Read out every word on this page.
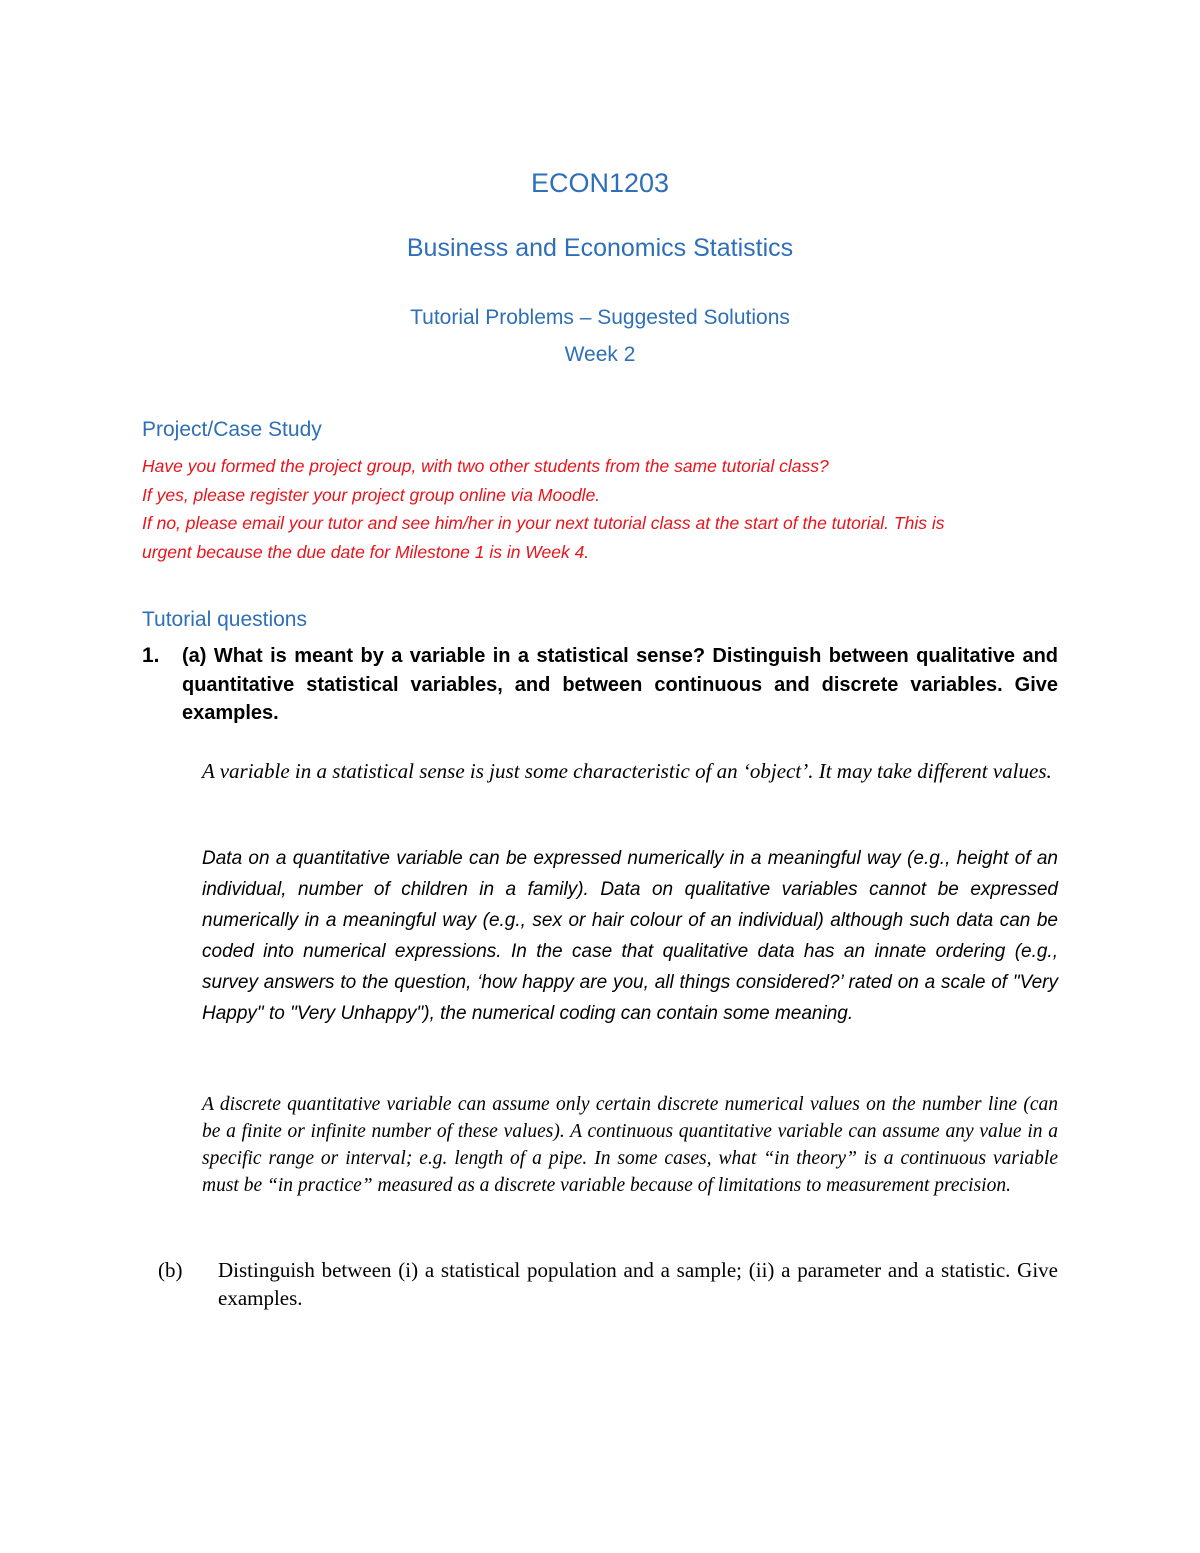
ECON1203
Business and Economics Statistics
Tutorial Problems – Suggested Solutions
Week 2
Project/Case Study
Have you formed the project group, with two other students from the same tutorial class?
If yes, please register your project group online via Moodle.
If no, please email your tutor and see him/her in your next tutorial class at the start of the tutorial. This is
urgent because the due date for Milestone 1 is in Week 4.
Tutorial questions
1. (a) What is meant by a variable in a statistical sense? Distinguish between qualitative and quantitative statistical variables, and between continuous and discrete variables. Give examples.
A variable in a statistical sense is just some characteristic of an ‘object’. It may take different values.
Data on a quantitative variable can be expressed numerically in a meaningful way (e.g., height of an individual, number of children in a family). Data on qualitative variables cannot be expressed numerically in a meaningful way (e.g., sex or hair colour of an individual) although such data can be coded into numerical expressions. In the case that qualitative data has an innate ordering (e.g., survey answers to the question, ‘how happy are you, all things considered?’ rated on a scale of "Very Happy" to "Very Unhappy"), the numerical coding can contain some meaning.
A discrete quantitative variable can assume only certain discrete numerical values on the number line (can be a finite or infinite number of these values). A continuous quantitative variable can assume any value in a specific range or interval; e.g. length of a pipe. In some cases, what “in theory” is a continuous variable must be “in practice” measured as a discrete variable because of limitations to measurement precision.
(b) Distinguish between (i) a statistical population and a sample; (ii) a parameter and a statistic. Give examples.
